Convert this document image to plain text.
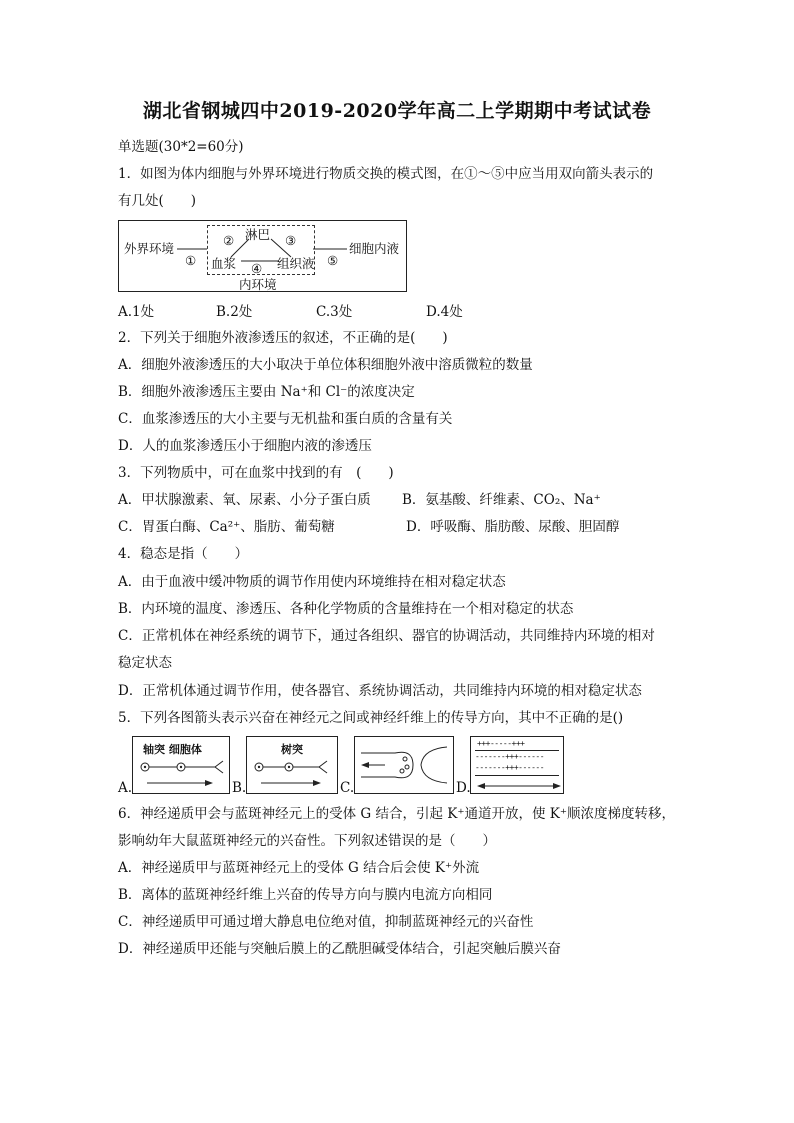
湖北省钢城四中2019-2020学年高二上学期期中考试试卷
单选题(30*2=60分)
1．如图为体内细胞与外界环境进行物质交换的模式图，在①～⑤中应当用双向箭头表示的
有几处(　　)
外界环境
①
② 淋巴 ③
血浆 ④ 组织液 ⑤
细胞内液
内环境
A.1处	B.2处	C.3处	D.4处
2．下列关于细胞外液渗透压的叙述，不正确的是(　　)
A．细胞外液渗透压的大小取决于单位体积细胞外液中溶质微粒的数量
B．细胞外液渗透压主要由 Na⁺和 Cl⁻的浓度决定
C．血浆渗透压的大小主要与无机盐和蛋白质的含量有关
D．人的血浆渗透压小于细胞内液的渗透压
3．下列物质中，可在血浆中找到的有　(　　)
A．甲状腺激素、氧、尿素、小分子蛋白质 B．氨基酸、纤维素、CO₂、Na⁺
C．胃蛋白酶、Ca²⁺、脂肪、葡萄糖	D．呼吸酶、脂肪酸、尿酸、胆固醇
4．稳态是指（　　）
A．由于血液中缓冲物质的调节作用使内环境维持在相对稳定状态
B．内环境的温度、渗透压、各种化学物质的含量维持在一个相对稳定的状态
C．正常机体在神经系统的调节下，通过各组织、器官的协调活动，共同维持内环境的相对
稳定状态
D．正常机体通过调节作用，使各器官、系统协调活动，共同维持内环境的相对稳定状态
5．下列各图箭头表示兴奋在神经元之间或神经纤维上的传导方向，其中不正确的是()
A.
轴突 细胞体
B.
树突
C.	D.
+++-----+++
-------+++------
-------+++------
6．神经递质甲会与蓝斑神经元上的受体 G 结合，引起 K⁺通道开放，使 K⁺顺浓度梯度转移，
影响幼年大鼠蓝斑神经元的兴奋性。下列叙述错误的是（　　）
A．神经递质甲与蓝斑神经元上的受体 G 结合后会使 K⁺外流
B．离体的蓝斑神经纤维上兴奋的传导方向与膜内电流方向相同
C．神经递质甲可通过增大静息电位绝对值，抑制蓝斑神经元的兴奋性
D．神经递质甲还能与突触后膜上的乙酰胆碱受体结合，引起突触后膜兴奋
